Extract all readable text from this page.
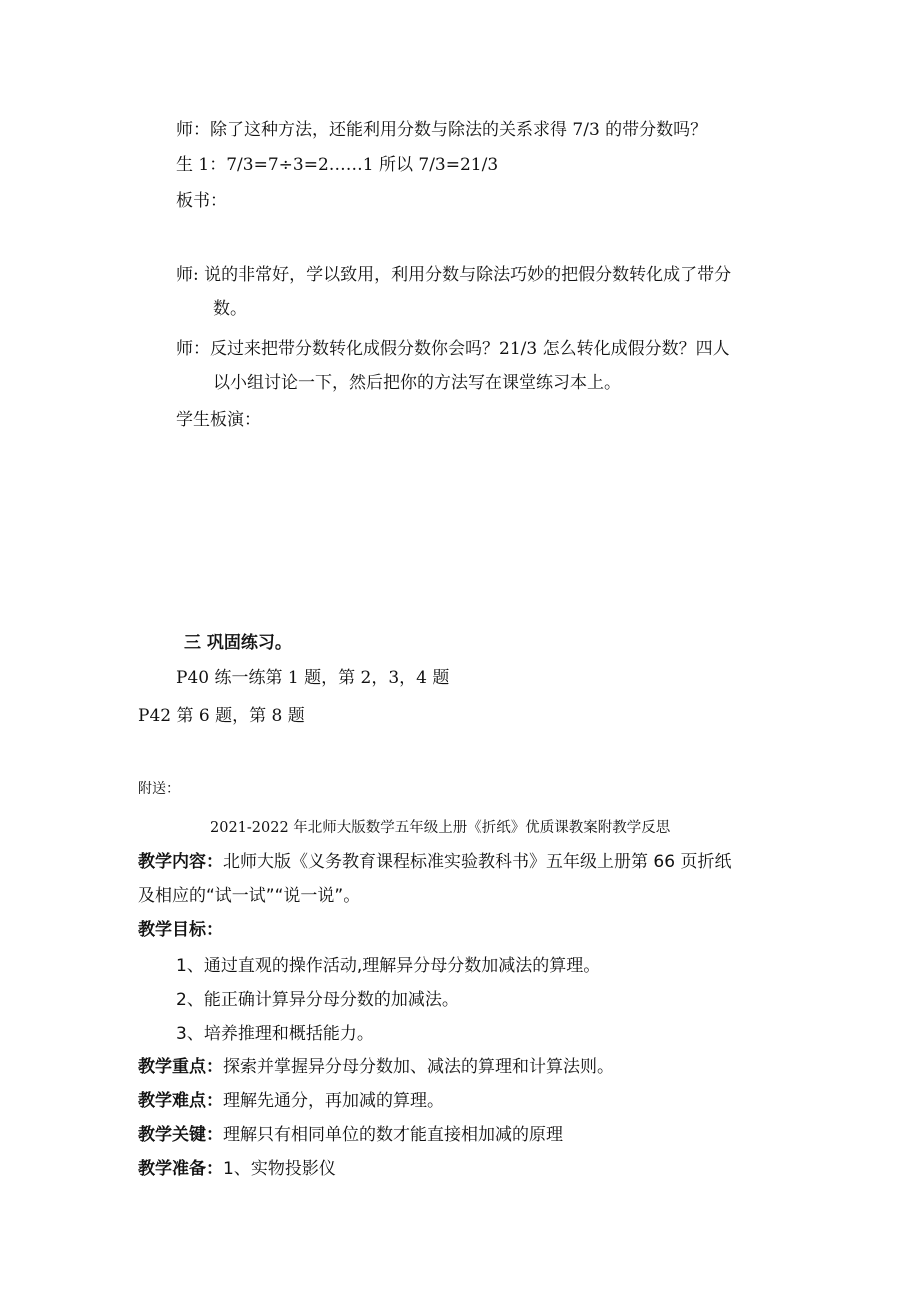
师：除了这种方法，还能利用分数与除法的关系求得 7/3 的带分数吗？
生 1：7/3=7÷3=2……1 所以 7/3=21/3
板书：
师: 说的非常好，学以致用，利用分数与除法巧妙的把假分数转化成了带分
数。
师：反过来把带分数转化成假分数你会吗？21/3 怎么转化成假分数？四人
以小组讨论一下，然后把你的方法写在课堂练习本上。
学生板演：
三 巩固练习。
P40 练一练第 1 题，第 2，3，4 题
P42 第 6 题，第 8 题
附送：
2021-2022 年北师大版数学五年级上册《折纸》优质课教案附教学反思
教学内容：北师大版《义务教育课程标准实验教科书》五年级上册第 66 页折纸
及相应的“试一试”“说一说”。
教学目标：
1、通过直观的操作活动,理解异分母分数加减法的算理。
2、能正确计算异分母分数的加减法。
3、培养推理和概括能力。
教学重点：探索并掌握异分母分数加、减法的算理和计算法则。
教学难点：理解先通分，再加减的算理。
教学关键：理解只有相同单位的数才能直接相加减的原理
教学准备：1、实物投影仪
